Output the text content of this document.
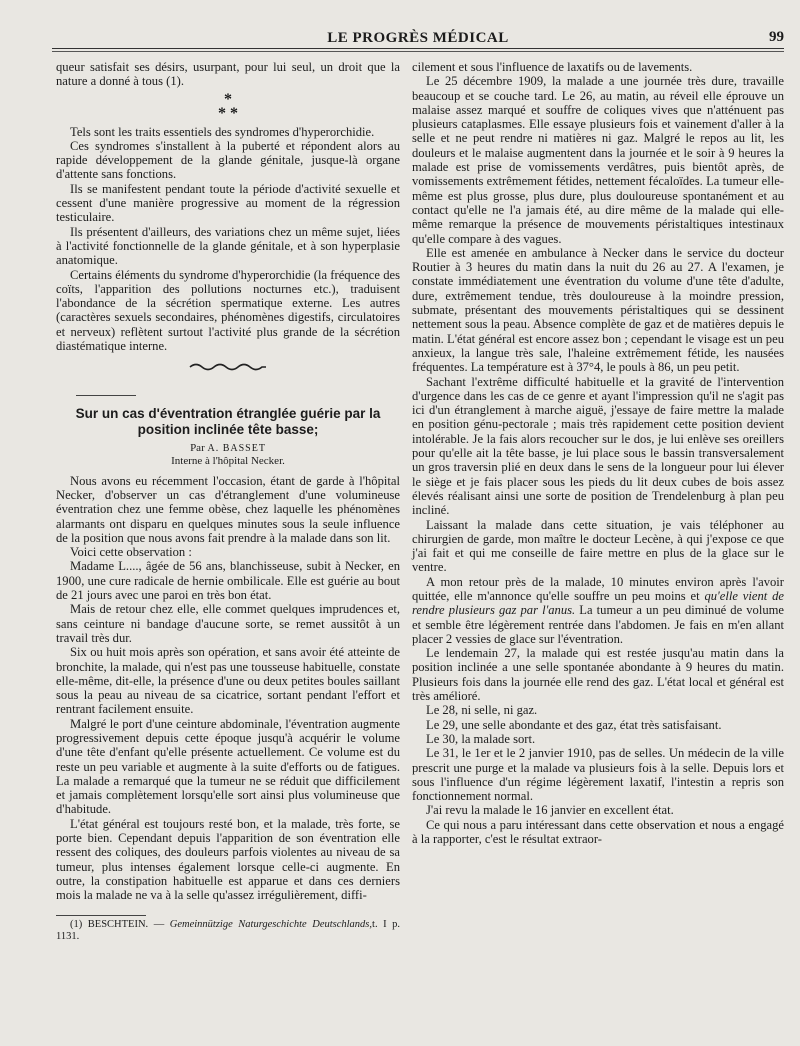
LE PROGRÈS MÉDICAL	99

queur satisfait ses désirs, usurpant, pour lui seul, un droit que la nature a donné à tous (1).

*
* *

Tels sont les traits essentiels des syndromes d'hyperorchidie.

Ces syndromes s'installent à la puberté et répondent alors au rapide développement de la glande génitale, jusque-là organe d'attente sans fonctions.

Ils se manifestent pendant toute la période d'activité sexuelle et cessent d'une manière progressive au moment de la régression testiculaire.

Ils présentent d'ailleurs, des variations chez un même sujet, liées à l'activité fonctionnelle de la glande génitale, et à son hyperplasie anatomique.

Certains éléments du syndrome d'hyperorchidie (la fréquence des coïts, l'apparition des pollutions nocturnes etc.), traduisent l'abondance de la sécrétion spermatique externe. Les autres (caractères sexuels secondaires, phénomènes digestifs, circulatoires et nerveux) reflètent surtout l'activité plus grande de la sécrétion diastématique interne.

Sur un cas d'éventration étranglée guérie par la position inclinée tête basse;
Par A. BASSET
Interne à l'hôpital Necker.

Nous avons eu récemment l'occasion, étant de garde à l'hôpital Necker, d'observer un cas d'étranglement d'une volumineuse éventration chez une femme obèse, chez laquelle les phénomènes alarmants ont disparu en quelques minutes sous la seule influence de la position que nous avons fait prendre à la malade dans son lit.

Voici cette observation :

Madame L...., âgée de 56 ans, blanchisseuse, subit à Necker, en 1900, une cure radicale de hernie ombilicale. Elle est guérie au bout de 21 jours avec une paroi en très bon état.

Mais de retour chez elle, elle commet quelques imprudences et, sans ceinture ni bandage d'aucune sorte, se remet aussitôt à un travail très dur.

Six ou huit mois après son opération, et sans avoir été atteinte de bronchite, la malade, qui n'est pas une tousseuse habituelle, constate elle-même, dit-elle, la présence d'une ou deux petites boules saillant sous la peau au niveau de sa cicatrice, sortant pendant l'effort et rentrant facilement ensuite.

Malgré le port d'une ceinture abdominale, l'éventration augmente progressivement depuis cette époque jusqu'à acquérir le volume d'une tête d'enfant qu'elle présente actuellement. Ce volume est du reste un peu variable et augmente à la suite d'efforts ou de fatigues. La malade a remarqué que la tumeur ne se réduit que difficilement et jamais complètement lorsqu'elle sort ainsi plus volumineuse que d'habitude.

L'état général est toujours resté bon, et la malade, très forte, se porte bien. Cependant depuis l'apparition de son éventration elle ressent des coliques, des douleurs parfois violentes au niveau de sa tumeur, plus intenses également lorsque celle-ci augmente. En outre, la constipation habituelle est apparue et dans ces derniers mois la malade ne va à la selle qu'assez irrégulièrement, diffi-

(1) BESCHTEIN. — Gemeinnützige Naturgeschichte Deutschlands,t. I p. 1131.

cilement et sous l'influence de laxatifs ou de lavements.

Le 25 décembre 1909, la malade a une journée très dure, travaille beaucoup et se couche tard. Le 26, au matin, au réveil elle éprouve un malaise assez marqué et souffre de coliques vives que n'atténuent pas plusieurs cataplasmes. Elle essaye plusieurs fois et vainement d'aller à la selle et ne peut rendre ni matières ni gaz. Malgré le repos au lit, les douleurs et le malaise augmentent dans la journée et le soir à 9 heures la malade est prise de vomissements verdâtres, puis bientôt après, de vomissements extrêmement fétides, nettement fécaloïdes. La tumeur elle-même est plus grosse, plus dure, plus douloureuse spontanément et au contact qu'elle ne l'a jamais été, au dire même de la malade qui elle-même remarque la présence de mouvements péristaltiques intestinaux qu'elle compare à des vagues.

Elle est amenée en ambulance à Necker dans le service du docteur Routier à 3 heures du matin dans la nuit du 26 au 27. A l'examen, je constate immédiatement une éventration du volume d'une tête d'adulte, dure, extrêmement tendue, très douloureuse à la moindre pression, submate, présentant des mouvements péristaltiques qui se dessinent nettement sous la peau. Absence complète de gaz et de matières depuis le matin. L'état général est encore assez bon ; cependant le visage est un peu anxieux, la langue très sale, l'haleine extrêmement fétide, les nausées fréquentes. La température est à 37°4, le pouls à 86, un peu petit.

Sachant l'extrême difficulté habituelle et la gravité de l'intervention d'urgence dans les cas de ce genre et ayant l'impression qu'il ne s'agit pas ici d'un étranglement à marche aiguë, j'essaye de faire mettre la malade en position génu-pectorale ; mais très rapidement cette position devient intolérable. Je la fais alors recoucher sur le dos, je lui enlève ses oreillers pour qu'elle ait la tête basse, je lui place sous le bassin transversalement un gros traversin plié en deux dans le sens de la longueur pour lui élever le siège et je fais placer sous les pieds du lit deux cubes de bois assez élevés réalisant ainsi une sorte de position de Trendelenburg à plan peu incliné.

Laissant la malade dans cette situation, je vais téléphoner au chirurgien de garde, mon maître le docteur Lecène, à qui j'expose ce que j'ai fait et qui me conseille de faire mettre en plus de la glace sur le ventre.

A mon retour près de la malade, 10 minutes environ après l'avoir quittée, elle m'annonce qu'elle souffre un peu moins et qu'elle vient de rendre plusieurs gaz par l'anus. La tumeur a un peu diminué de volume et semble être légèrement rentrée dans l'abdomen. Je fais en m'en allant placer 2 vessies de glace sur l'éventration.

Le lendemain 27, la malade qui est restée jusqu'au matin dans la position inclinée a une selle spontanée abondante à 9 heures du matin. Plusieurs fois dans la journée elle rend des gaz. L'état local et général est très amélioré.

Le 28, ni selle, ni gaz.

Le 29, une selle abondante et des gaz, état très satisfaisant.

Le 30, la malade sort.

Le 31, le 1er et le 2 janvier 1910, pas de selles. Un médecin de la ville prescrit une purge et la malade va plusieurs fois à la selle. Depuis lors et sous l'influence d'un régime légèrement laxatif, l'intestin a repris son fonctionnement normal.

J'ai revu la malade le 16 janvier en excellent état.

Ce qui nous a paru intéressant dans cette observation et nous a engagé à la rapporter, c'est le résultat extraor-
